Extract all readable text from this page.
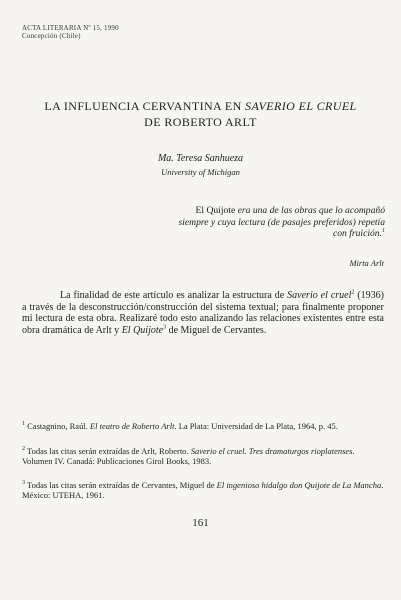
ACTA LITERARIA Nº 15, 1990
Concepción (Chile)
LA INFLUENCIA CERVANTINA EN SAVERIO EL CRUEL
DE ROBERTO ARLT
Ma. Teresa Sanhueza
University of Michigan
El Quijote era una de las obras que lo acompañó siempre y cuya lectura (de pasajes preferidos) repetía con fruición.$^1$
Mirta Arlt
La finalidad de este artículo es analizar la estructura de Saverio el cruel$^2$ (1936) a través de la desconstrucción/construcción del sistema textual; para finalmente proponer mi lectura de esta obra. Realizaré todo esto analizando las relaciones existentes entre esta obra dramática de Arlt y El Quijote$^3$ de Miguel de Cervantes.
$^1$ Castagnino, Raúl. El teatro de Roberto Arlt. La Plata: Universidad de La Plata, 1964, p. 45.
$^2$ Todas las citas serán extraídas de Arlt, Roberto. Saverio el cruel. Tres dramaturgos rioplatenses. Volumen IV. Canadá: Publicaciones Girol Books, 1983.
$^3$ Todas las citas serán extraídas de Cervantes, Miguel de El ingenioso hidalgo don Quijote de La Mancha. México: UTEHA, 1961.
161
